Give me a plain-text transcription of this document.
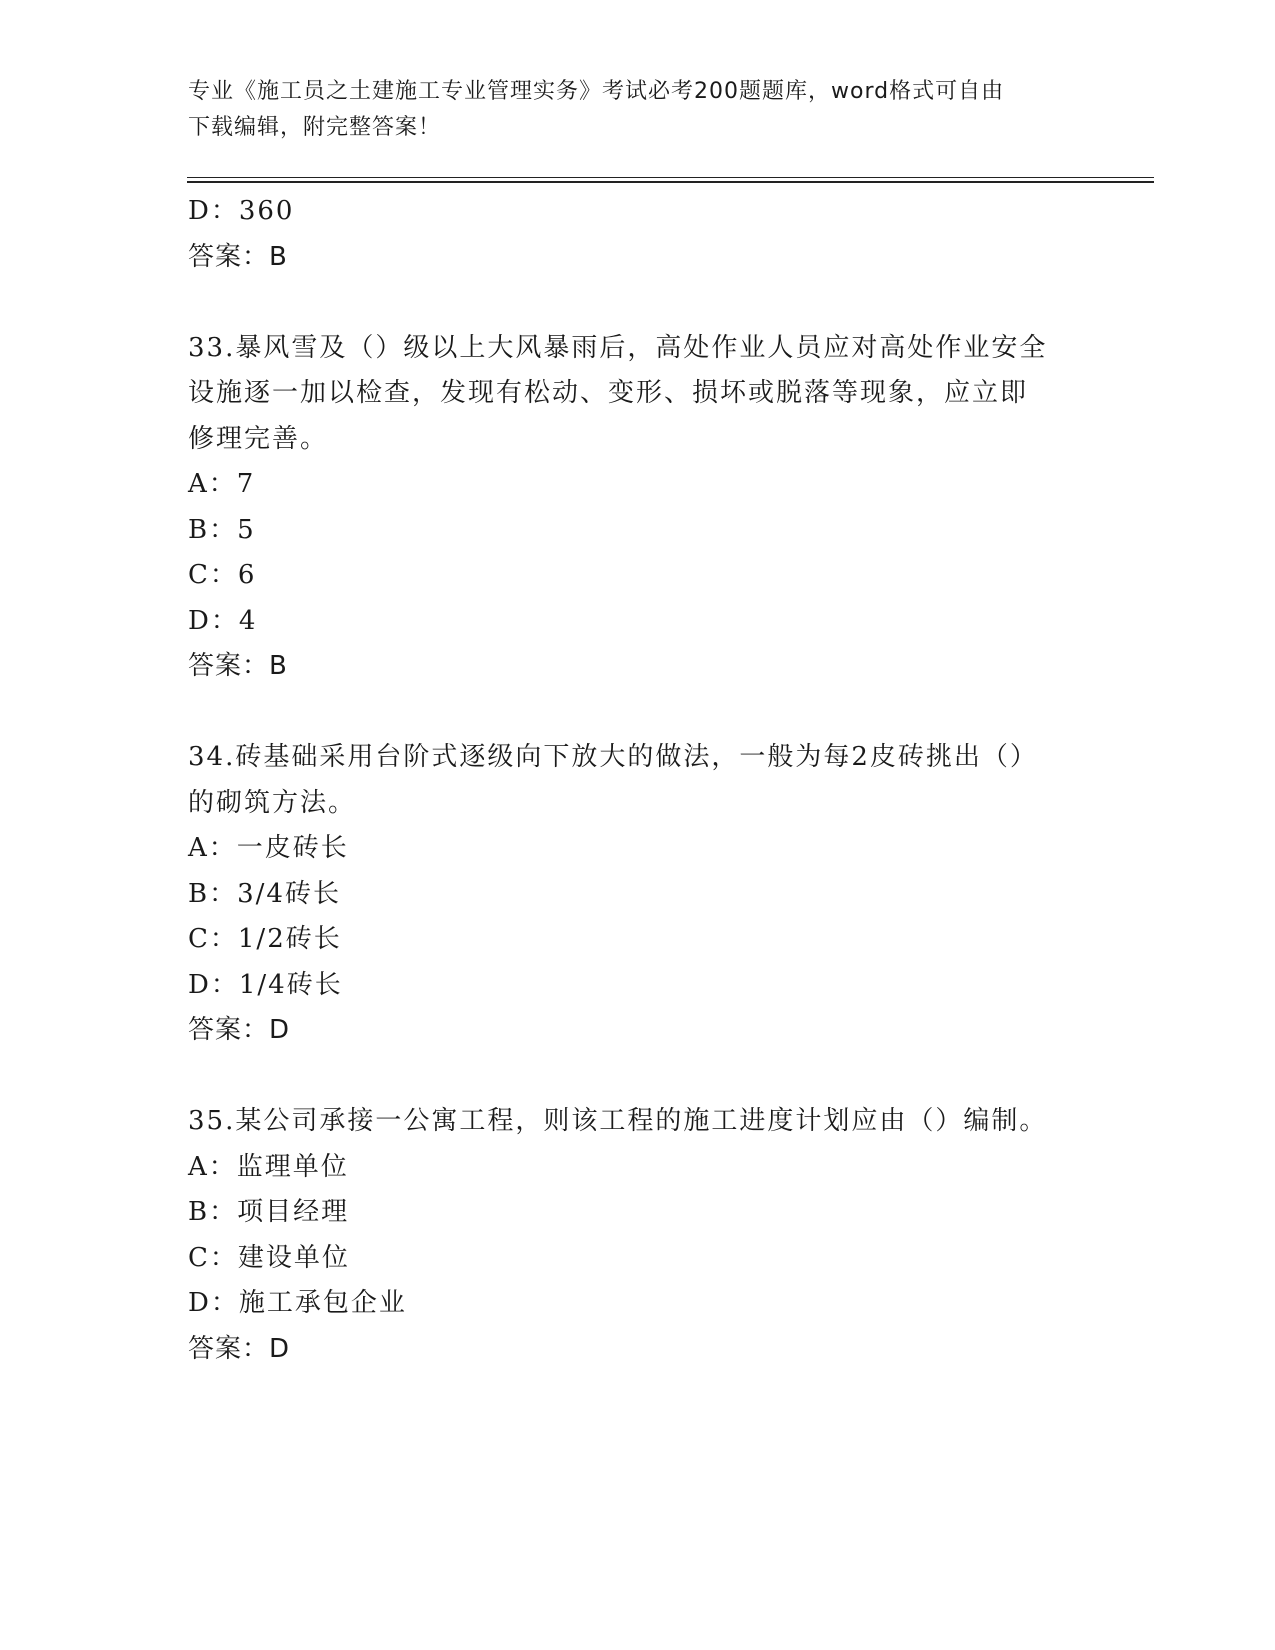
专业《施工员之土建施工专业管理实务》考试必考200题题库，word格式可自由
下载编辑，附完整答案！
D：360
答案：B
33.暴风雪及（）级以上大风暴雨后，高处作业人员应对高处作业安全
设施逐一加以检查，发现有松动、变形、损坏或脱落等现象，应立即
修理完善。
A：7
B：5
C：6
D：4
答案：B
34.砖基础采用台阶式逐级向下放大的做法，一般为每2皮砖挑出（）
的砌筑方法。
A：一皮砖长
B：3/4砖长
C：1/2砖长
D：1/4砖长
答案：D
35.某公司承接一公寓工程，则该工程的施工进度计划应由（）编制。
A：监理单位
B：项目经理
C：建设单位
D：施工承包企业
答案：D
